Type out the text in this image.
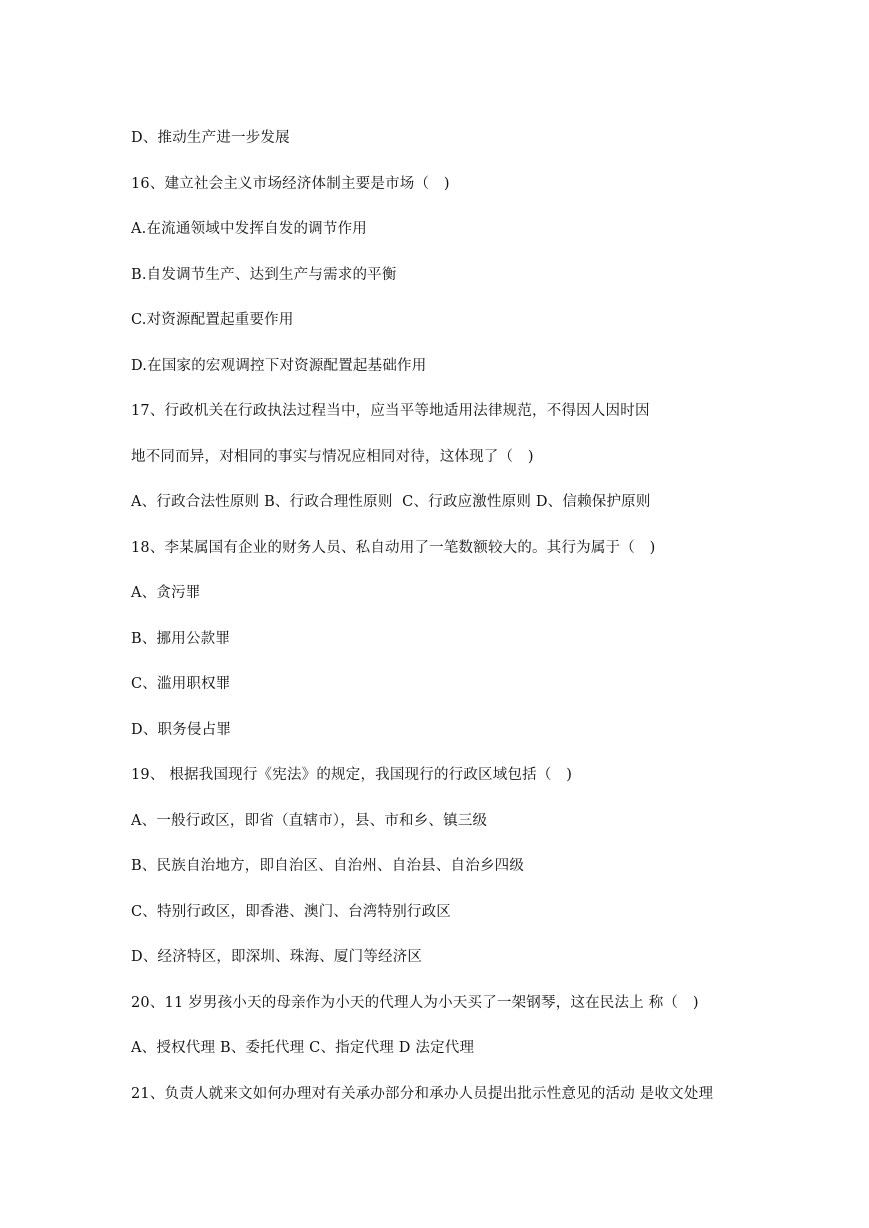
D、推动生产进一步发展
16、建立社会主义市场经济体制主要是市场（　)
A.在流通领域中发挥自发的调节作用
B.自发调节生产、达到生产与需求的平衡
C.对资源配置起重要作用
D.在国家的宏观调控下对资源配置起基础作用
17、行政机关在行政执法过程当中，应当平等地适用法律规范，不得因人因时因
地不同而异，对相同的事实与情况应相同对待，这体现了（　)
A、行政合法性原则 B、行政合理性原则  C、行政应激性原则 D、信赖保护原则
18、李某属国有企业的财务人员、私自动用了一笔数额较大的。其行为属于（　)
A、贪污罪
B、挪用公款罪
C、滥用职权罪
D、职务侵占罪
19、 根据我国现行《宪法》的规定，我国现行的行政区域包括（　)
A、一般行政区，即省（直辖市），县、市和乡、镇三级
B、民族自治地方，即自治区、自治州、自治县、自治乡四级
C、特别行政区，即香港、澳门、台湾特别行政区
D、经济特区，即深圳、珠海、厦门等经济区
20、11 岁男孩小天的母亲作为小天的代理人为小天买了一架钢琴，这在民法上 称（　)
A、授权代理 B、委托代理 C、指定代理 D 法定代理
21、负责人就来文如何办理对有关承办部分和承办人员提出批示性意见的活动 是收文处理
